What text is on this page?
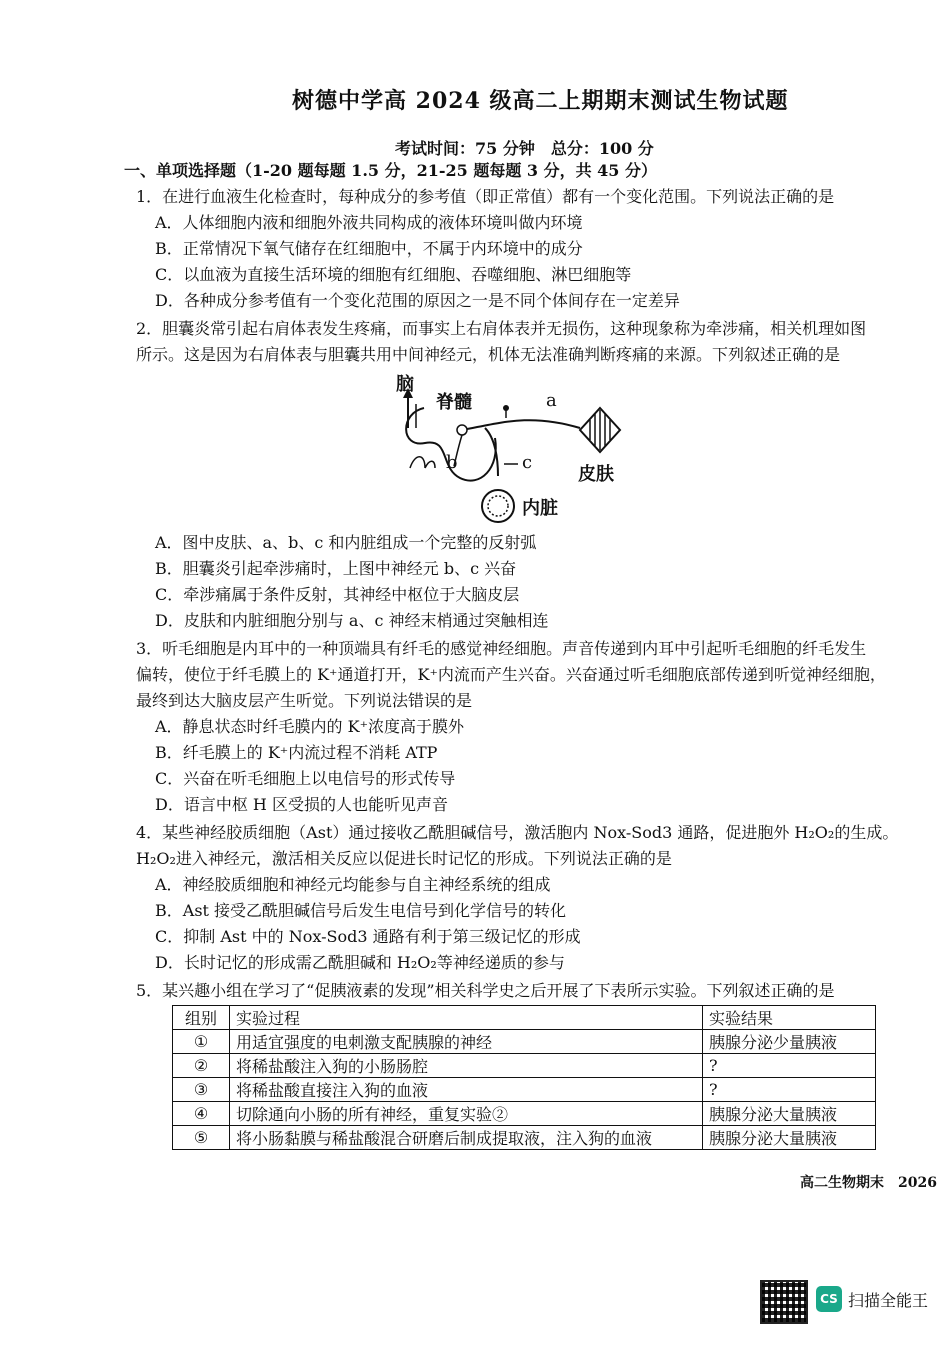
树德中学高 2024 级高二上期期末测试生物试题
考试时间：75 分钟　总分：100 分
一、单项选择题（1-20 题每题 1.5 分，21-25 题每题 3 分，共 45 分）
1．在进行血液生化检查时，每种成分的参考值（即正常值）都有一个变化范围。下列说法正确的是
A．人体细胞内液和细胞外液共同构成的液体环境叫做内环境
B．正常情况下氧气储存在红细胞中，不属于内环境中的成分
C．以血液为直接生活环境的细胞有红细胞、吞噬细胞、淋巴细胞等
D．各种成分参考值有一个变化范围的原因之一是不同个体间存在一定差异
2．胆囊炎常引起右肩体表发生疼痛，而事实上右肩体表并无损伤，这种现象称为牵涉痛，相关机理如图
所示。这是因为右肩体表与胆囊共用中间神经元，机体无法准确判断疼痛的来源。下列叙述正确的是
脑
脊髓	a
b	c
皮肤
内脏
A．图中皮肤、a、b、c 和内脏组成一个完整的反射弧
B．胆囊炎引起牵涉痛时，上图中神经元 b、c 兴奋
C．牵涉痛属于条件反射，其神经中枢位于大脑皮层
D．皮肤和内脏细胞分别与 a、c 神经末梢通过突触相连
3．听毛细胞是内耳中的一种顶端具有纤毛的感觉神经细胞。声音传递到内耳中引起听毛细胞的纤毛发生
偏转，使位于纤毛膜上的 K⁺通道打开，K⁺内流而产生兴奋。兴奋通过听毛细胞底部传递到听觉神经细胞，
最终到达大脑皮层产生听觉。下列说法错误的是
A．静息状态时纤毛膜内的 K⁺浓度高于膜外
B．纤毛膜上的 K⁺内流过程不消耗 ATP
C．兴奋在听毛细胞上以电信号的形式传导
D．语言中枢 H 区受损的人也能听见声音
4．某些神经胶质细胞（Ast）通过接收乙酰胆碱信号，激活胞内 Nox-Sod3 通路，促进胞外 H₂O₂的生成。
H₂O₂进入神经元，激活相关反应以促进长时记忆的形成。下列说法正确的是
A．神经胶质细胞和神经元均能参与自主神经系统的组成
B．Ast 接受乙酰胆碱信号后发生电信号到化学信号的转化
C．抑制 Ast 中的 Nox-Sod3 通路有利于第三级记忆的形成
D．长时记忆的形成需乙酰胆碱和 H₂O₂等神经递质的参与
5．某兴趣小组在学习了“促胰液素的发现”相关科学史之后开展了下表所示实验。下列叙述正确的是
组别	实验过程	实验结果
①	用适宜强度的电刺激支配胰腺的神经	胰腺分泌少量胰液
②	将稀盐酸注入狗的小肠肠腔	?
③	将稀盐酸直接注入狗的血液	?
④	切除通向小肠的所有神经，重复实验②	胰腺分泌大量胰液
⑤	将小肠黏膜与稀盐酸混合研磨后制成提取液，注入狗的血液	胰腺分泌大量胰液
高二生物期末　2026
CS 扫描全能王
